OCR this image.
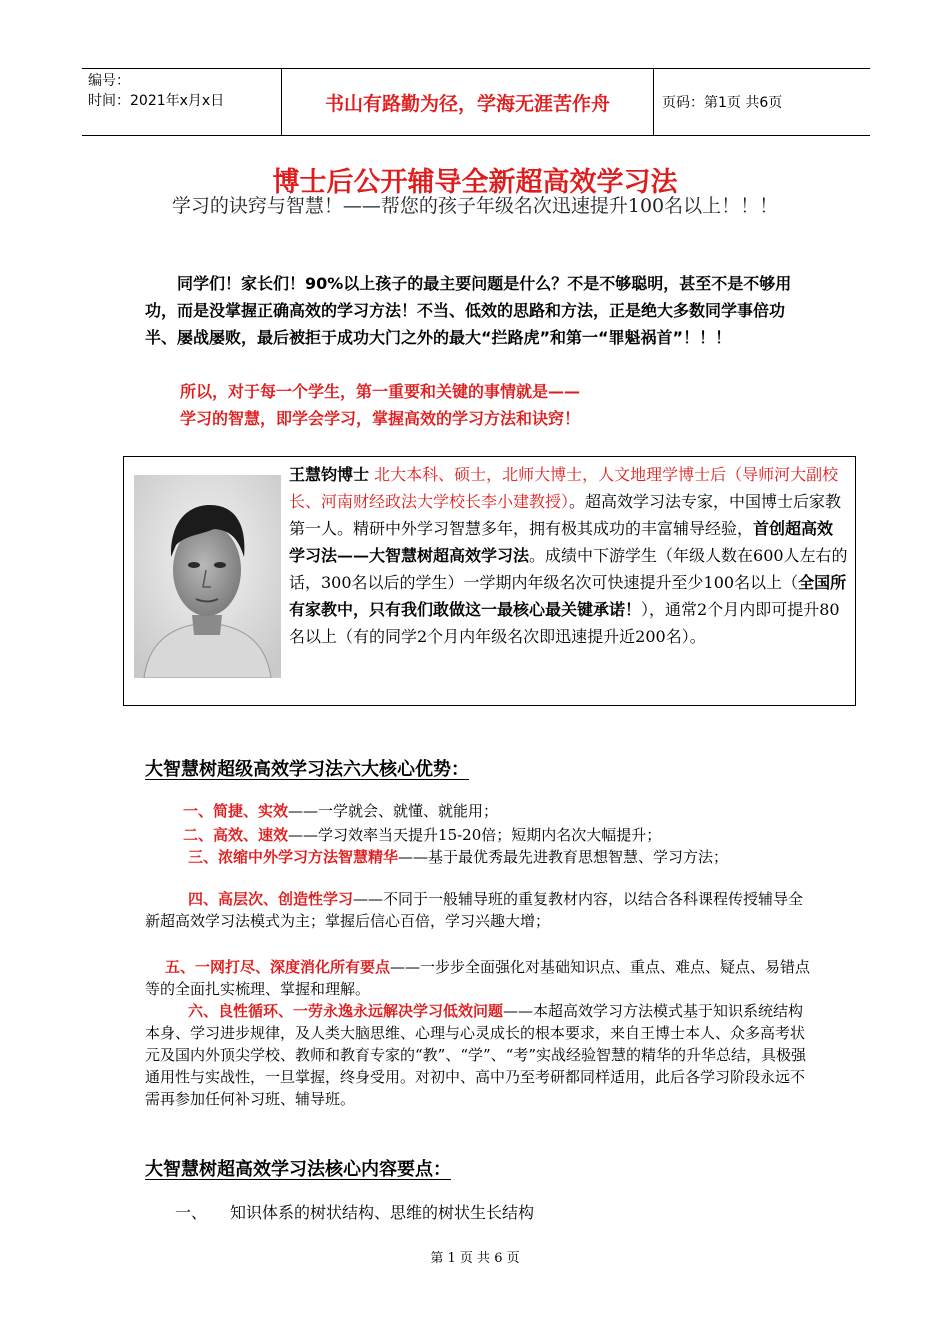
编号：
时间：2021年x月x日	书山有路勤为径，学海无涯苦作舟	页码：第1页 共6页
博士后公开辅导全新超高效学习法
学习的诀窍与智慧！——帮您的孩子年级名次迅速提升100名以上！！！
同学们！家长们！90%以上孩子的最主要问题是什么？不是不够聪明，甚至不是不够用功，而是没掌握正确高效的学习方法！不当、低效的思路和方法，正是绝大多数同学事倍功半、屡战屡败，最后被拒于成功大门之外的最大“拦路虎”和第一“罪魁祸首”！！！
所以，对于每一个学生，第一重要和关键的事情就是——
学习的智慧，即学会学习，掌握高效的学习方法和诀窍！
王慧钧博士 北大本科、硕士，北师大博士，人文地理学博士后（导师河大副校长、河南财经政法大学校长李小建教授）。超高效学习法专家，中国博士后家教第一人。精研中外学习智慧多年，拥有极其成功的丰富辅导经验，首创超高效学习法——大智慧树超高效学习法。成绩中下游学生（年级人数在600人左右的话，300名以后的学生）一学期内年级名次可快速提升至少100名以上（全国所有家教中，只有我们敢做这一最核心最关键承诺！），通常2个月内即可提升80名以上（有的同学2个月内年级名次即迅速提升近200名）。
大智慧树超级高效学习法六大核心优势：
一、简捷、实效——一学就会、就懂、就能用；
二、高效、速效——学习效率当天提升15-20倍；短期内名次大幅提升；
三、浓缩中外学习方法智慧精华——基于最优秀最先进教育思想智慧、学习方法；
四、高层次、创造性学习——不同于一般辅导班的重复教材内容，以结合各科课程传授辅导全新超高效学习法模式为主；掌握后信心百倍，学习兴趣大增；
五、一网打尽、深度消化所有要点——一步步全面强化对基础知识点、重点、难点、疑点、易错点等的全面扎实梳理、掌握和理解。
六、良性循环、一劳永逸永远解决学习低效问题——本超高效学习方法模式基于知识系统结构本身、学习进步规律，及人类大脑思维、心理与心灵成长的根本要求，来自王博士本人、众多高考状元及国内外顶尖学校、教师和教育专家的“教”、“学”、“考”实战经验智慧的精华的升华总结，具极强通用性与实战性，一旦掌握，终身受用。对初中、高中乃至考研都同样适用，此后各学习阶段永远不需再参加任何补习班、辅导班。
大智慧树超高效学习法核心内容要点：
一、 知识体系的树状结构、思维的树状生长结构
第 1 页 共 6 页
